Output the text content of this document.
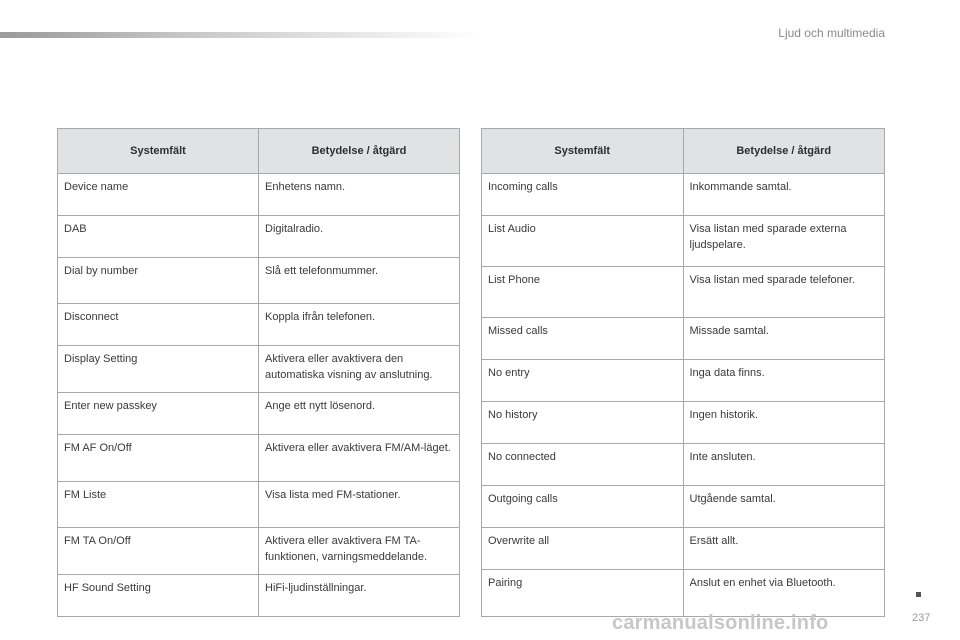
Ljud och multimedia
Systemfält	Betydelse / åtgärd
Device name	Enhetens namn.
DAB	Digitalradio.
Dial by number	Slå ett telefonmummer.
Disconnect	Koppla ifrån telefonen.
Display Setting	Aktivera eller avaktivera den automatiska visning av anslutning.
Enter new passkey	Ange ett nytt lösenord.
FM AF On/Off	Aktivera eller avaktivera FM/AM-läget.
FM Liste	Visa lista med FM-stationer.
FM TA On/Off	Aktivera eller avaktivera FM TA-funktionen, varningsmeddelande.
HF Sound Setting	HiFi-ljudinställningar.
Systemfält	Betydelse / åtgärd
Incoming calls	Inkommande samtal.
List Audio	Visa listan med sparade externa ljudspelare.
List Phone	Visa listan med sparade telefoner.
Missed calls	Missade samtal.
No entry	Inga data finns.
No history	Ingen historik.
No connected	Inte ansluten.
Outgoing calls	Utgående samtal.
Overwrite all	Ersätt allt.
Pairing	Anslut en enhet via Bluetooth.
237
carmanualsonline.info
